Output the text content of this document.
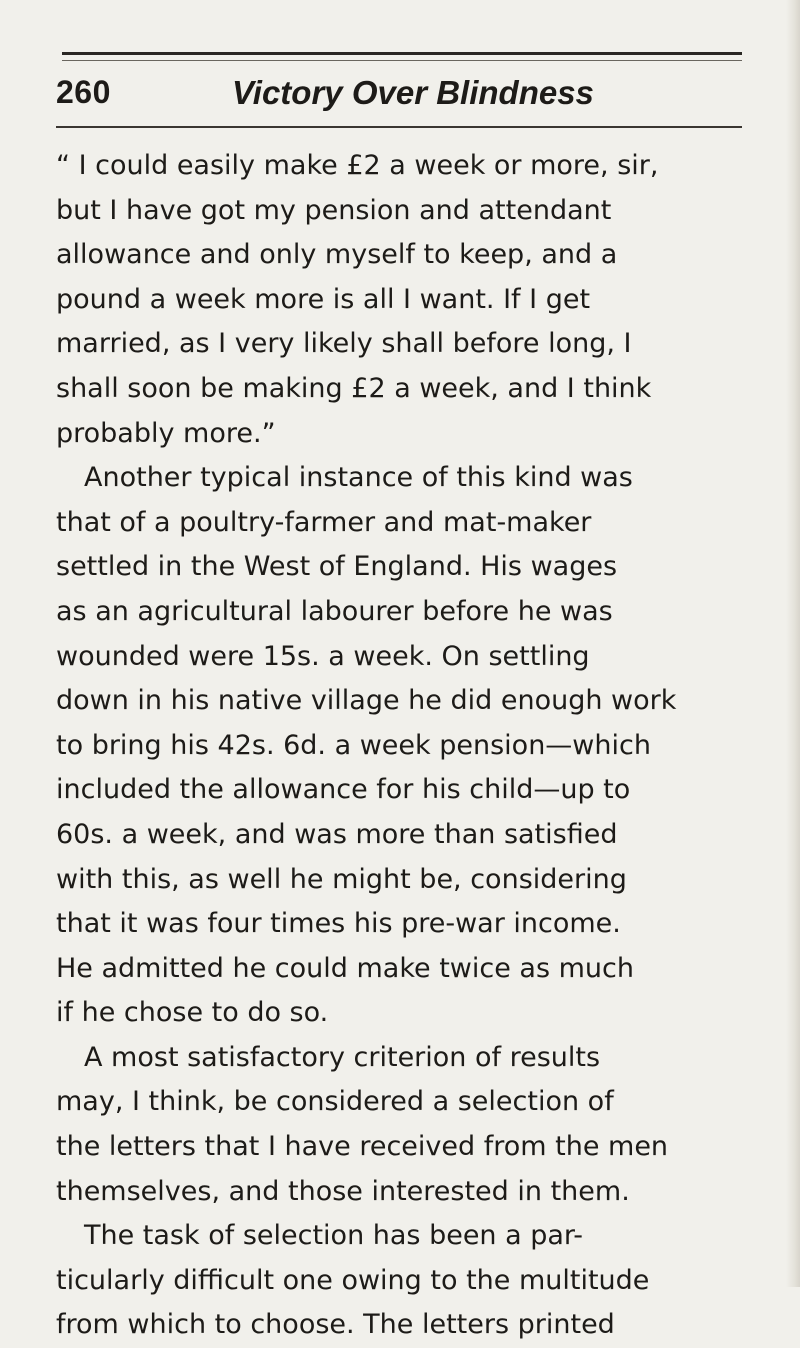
260	Victory Over Blindness
“ I could easily make £2 a week or more, sir,
but I have got my pension and attendant
allowance and only myself to keep, and a
pound a week more is all I want. If I get
married, as I very likely shall before long, I
shall soon be making £2 a week, and I think
probably more.”
Another typical instance of this kind was
that of a poultry-farmer and mat-maker
settled in the West of England. His wages
as an agricultural labourer before he was
wounded were 15s. a week. On settling
down in his native village he did enough work
to bring his 42s. 6d. a week pension—which
included the allowance for his child—up to
60s. a week, and was more than satisfied
with this, as well he might be, considering
that it was four times his pre-war income.
He admitted he could make twice as much
if he chose to do so.
A most satisfactory criterion of results
may, I think, be considered a selection of
the letters that I have received from the men
themselves, and those interested in them.
The task of selection has been a par-
ticularly difficult one owing to the multitude
from which to choose. The letters printed
